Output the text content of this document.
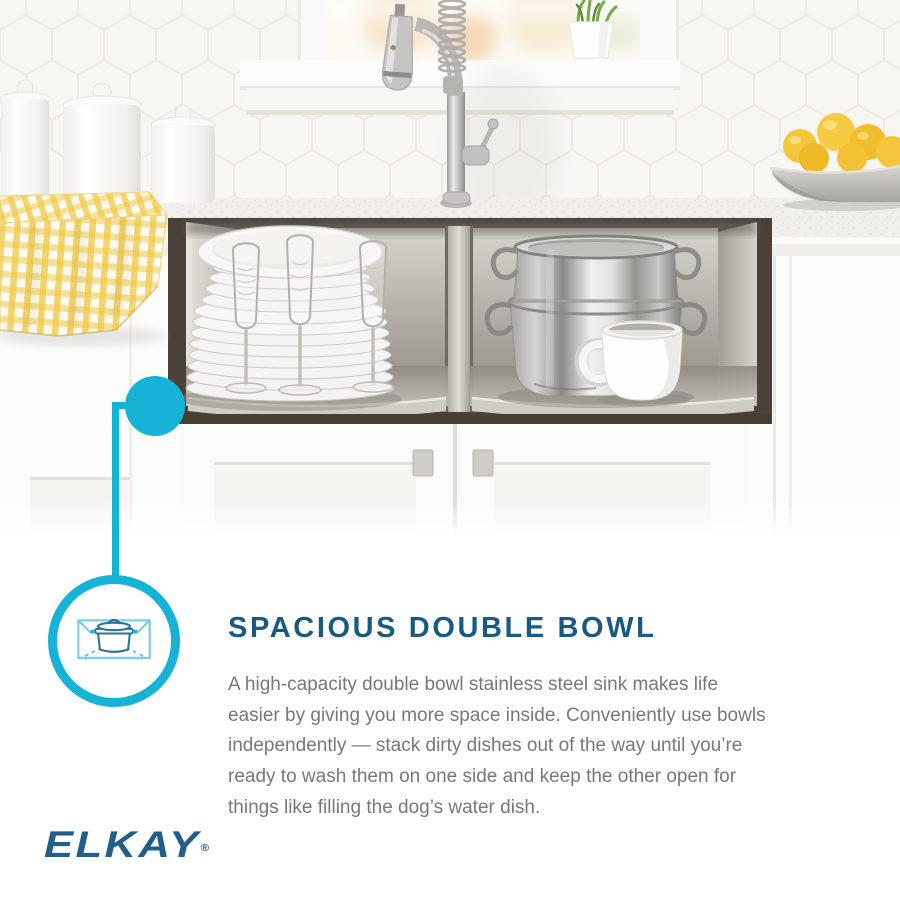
SPACIOUS DOUBLE BOWL
A high-capacity double bowl stainless steel sink makes life
easier by giving you more space inside. Conveniently use bowls
independently — stack dirty dishes out of the way until you’re
ready to wash them on one side and keep the other open for
things like filling the dog’s water dish.
ELKAY®
